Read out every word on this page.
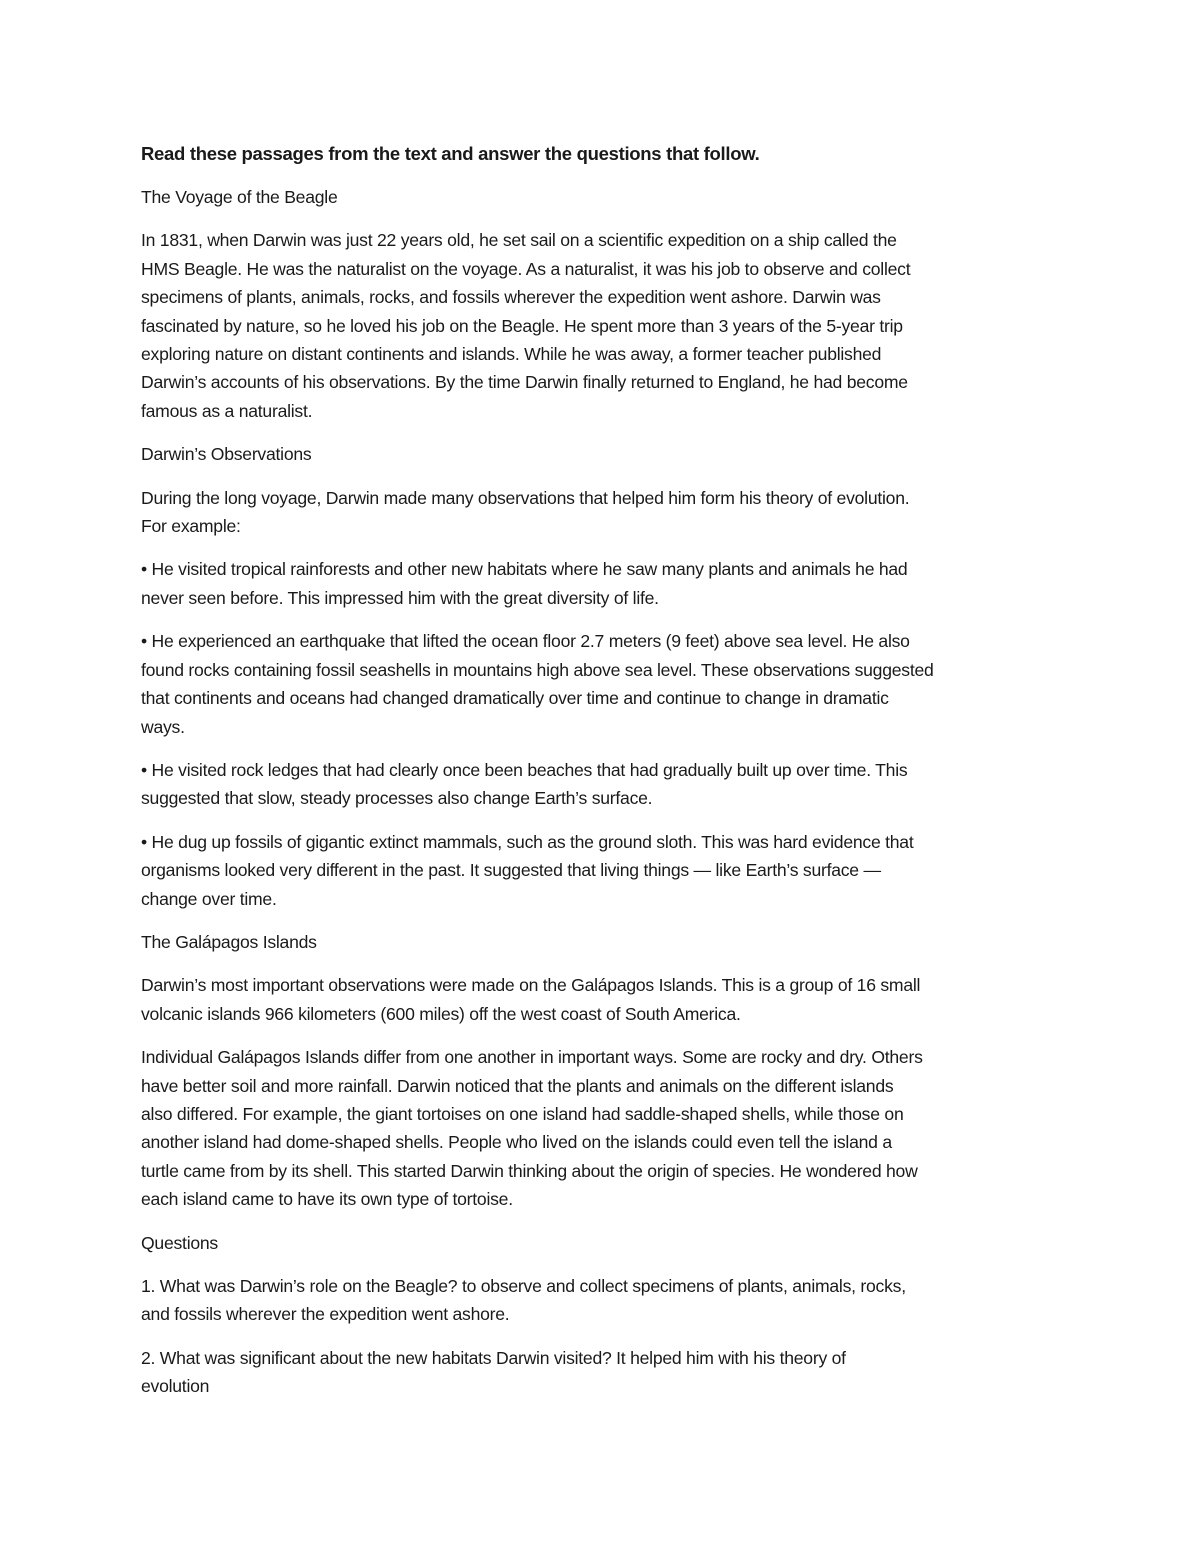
Read these passages from the text and answer the questions that follow.
The Voyage of the Beagle
In 1831, when Darwin was just 22 years old, he set sail on a scientific expedition on a ship called the
HMS Beagle. He was the naturalist on the voyage. As a naturalist, it was his job to observe and collect
specimens of plants, animals, rocks, and fossils wherever the expedition went ashore. Darwin was
fascinated by nature, so he loved his job on the Beagle. He spent more than 3 years of the 5-year trip
exploring nature on distant continents and islands. While he was away, a former teacher published
Darwin’s accounts of his observations. By the time Darwin finally returned to England, he had become
famous as a naturalist.
Darwin’s Observations
During the long voyage, Darwin made many observations that helped him form his theory of evolution.
For example:
• He visited tropical rainforests and other new habitats where he saw many plants and animals he had
never seen before. This impressed him with the great diversity of life.
• He experienced an earthquake that lifted the ocean floor 2.7 meters (9 feet) above sea level. He also
found rocks containing fossil seashells in mountains high above sea level. These observations suggested
that continents and oceans had changed dramatically over time and continue to change in dramatic
ways.
• He visited rock ledges that had clearly once been beaches that had gradually built up over time. This
suggested that slow, steady processes also change Earth’s surface.
• He dug up fossils of gigantic extinct mammals, such as the ground sloth. This was hard evidence that
organisms looked very different in the past. It suggested that living things — like Earth’s surface —
change over time.
The Galápagos Islands
Darwin’s most important observations were made on the Galápagos Islands. This is a group of 16 small
volcanic islands 966 kilometers (600 miles) off the west coast of South America.
Individual Galápagos Islands differ from one another in important ways. Some are rocky and dry. Others
have better soil and more rainfall. Darwin noticed that the plants and animals on the different islands
also differed. For example, the giant tortoises on one island had saddle-shaped shells, while those on
another island had dome-shaped shells. People who lived on the islands could even tell the island a
turtle came from by its shell. This started Darwin thinking about the origin of species. He wondered how
each island came to have its own type of tortoise.
Questions
1. What was Darwin’s role on the Beagle? to observe and collect specimens of plants, animals, rocks,
and fossils wherever the expedition went ashore.
2. What was significant about the new habitats Darwin visited? It helped him with his theory of
evolution
